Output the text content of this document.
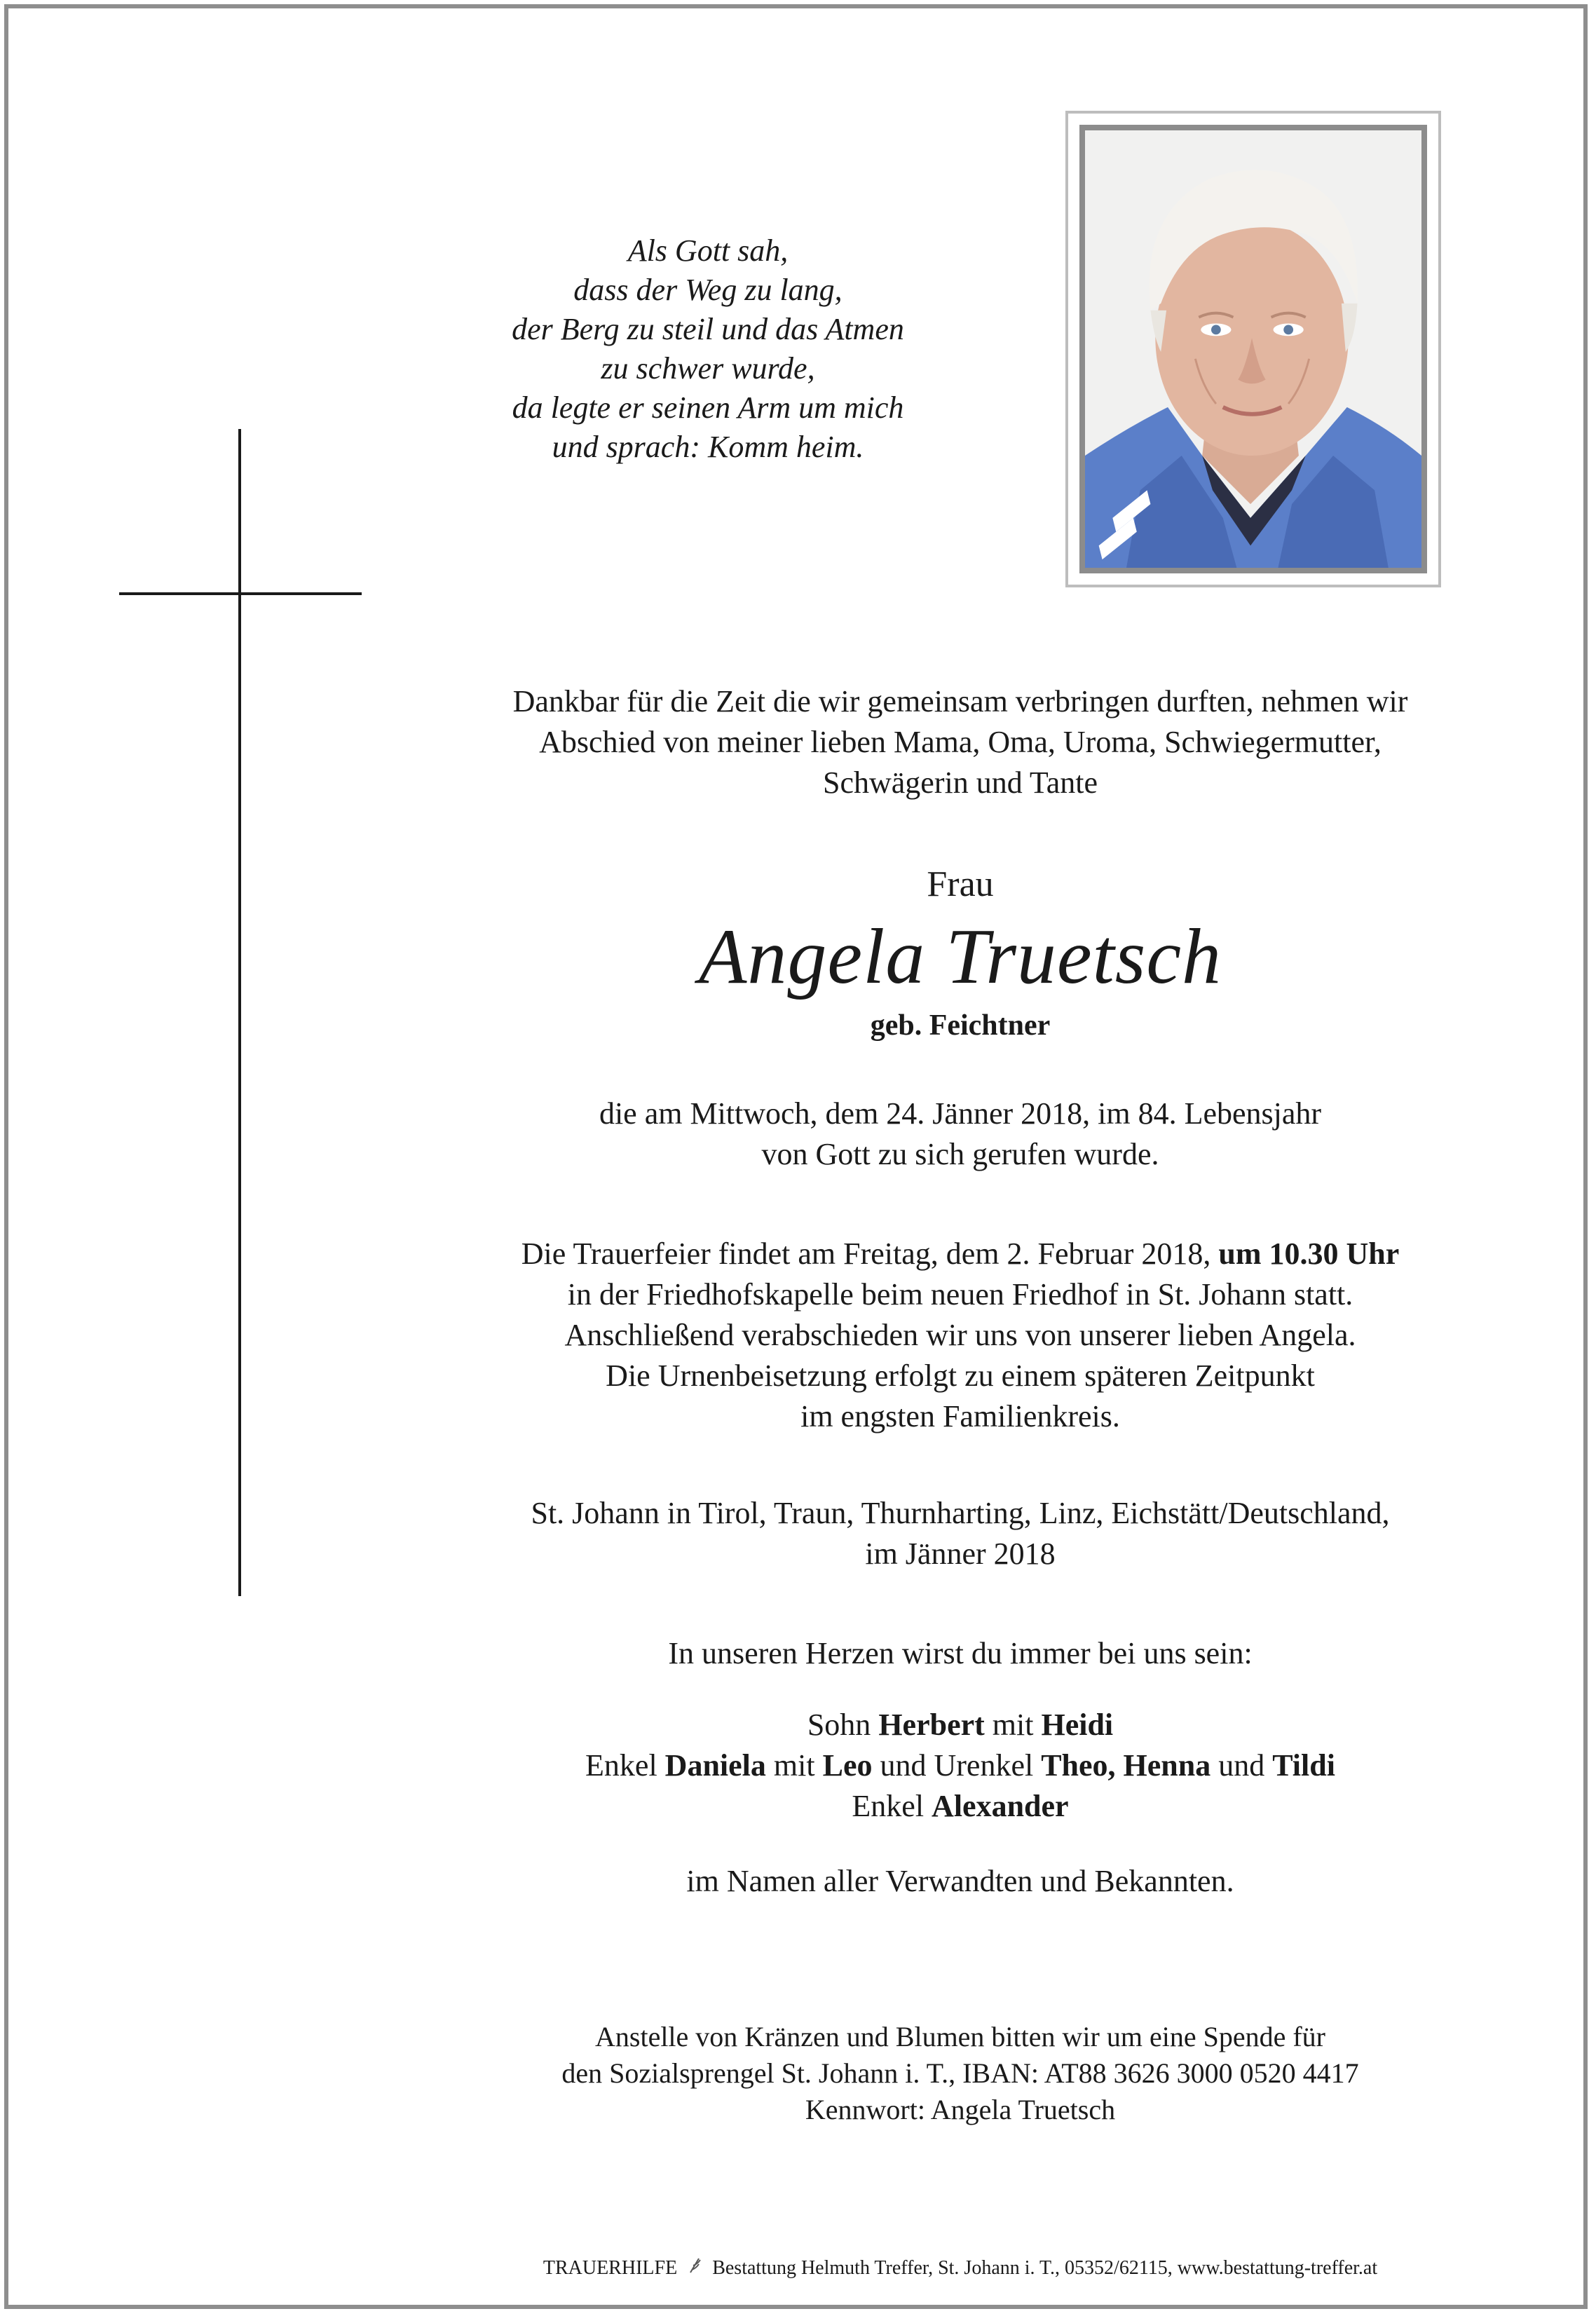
Als Gott sah,
dass der Weg zu lang,
der Berg zu steil und das Atmen
zu schwer wurde,
da legte er seinen Arm um mich
und sprach: Komm heim.
Dankbar für die Zeit die wir gemeinsam verbringen durften, nehmen wir
Abschied von meiner lieben Mama, Oma, Uroma, Schwiegermutter,
Schwägerin und Tante
Frau
Angela Truetsch
geb. Feichtner
die am Mittwoch, dem 24. Jänner 2018, im 84. Lebensjahr
von Gott zu sich gerufen wurde.
Die Trauerfeier findet am Freitag, dem 2. Februar 2018, um 10.30 Uhr
in der Friedhofskapelle beim neuen Friedhof in St. Johann statt.
Anschließend verabschieden wir uns von unserer lieben Angela.
Die Urnenbeisetzung erfolgt zu einem späteren Zeitpunkt
im engsten Familienkreis.
St. Johann in Tirol, Traun, Thurnharting, Linz, Eichstätt/Deutschland,
im Jänner 2018
In unseren Herzen wirst du immer bei uns sein:
Sohn Herbert mit Heidi
Enkel Daniela mit Leo und Urenkel Theo, Henna und Tildi
Enkel Alexander
im Namen aller Verwandten und Bekannten.
Anstelle von Kränzen und Blumen bitten wir um eine Spende für
den Sozialsprengel St. Johann i. T., IBAN: AT88 3626 3000 0520 4417
Kennwort: Angela Truetsch
TRAUERHILFE Bestattung Helmuth Treffer, St. Johann i. T., 05352/62115, www.bestattung-treffer.at
